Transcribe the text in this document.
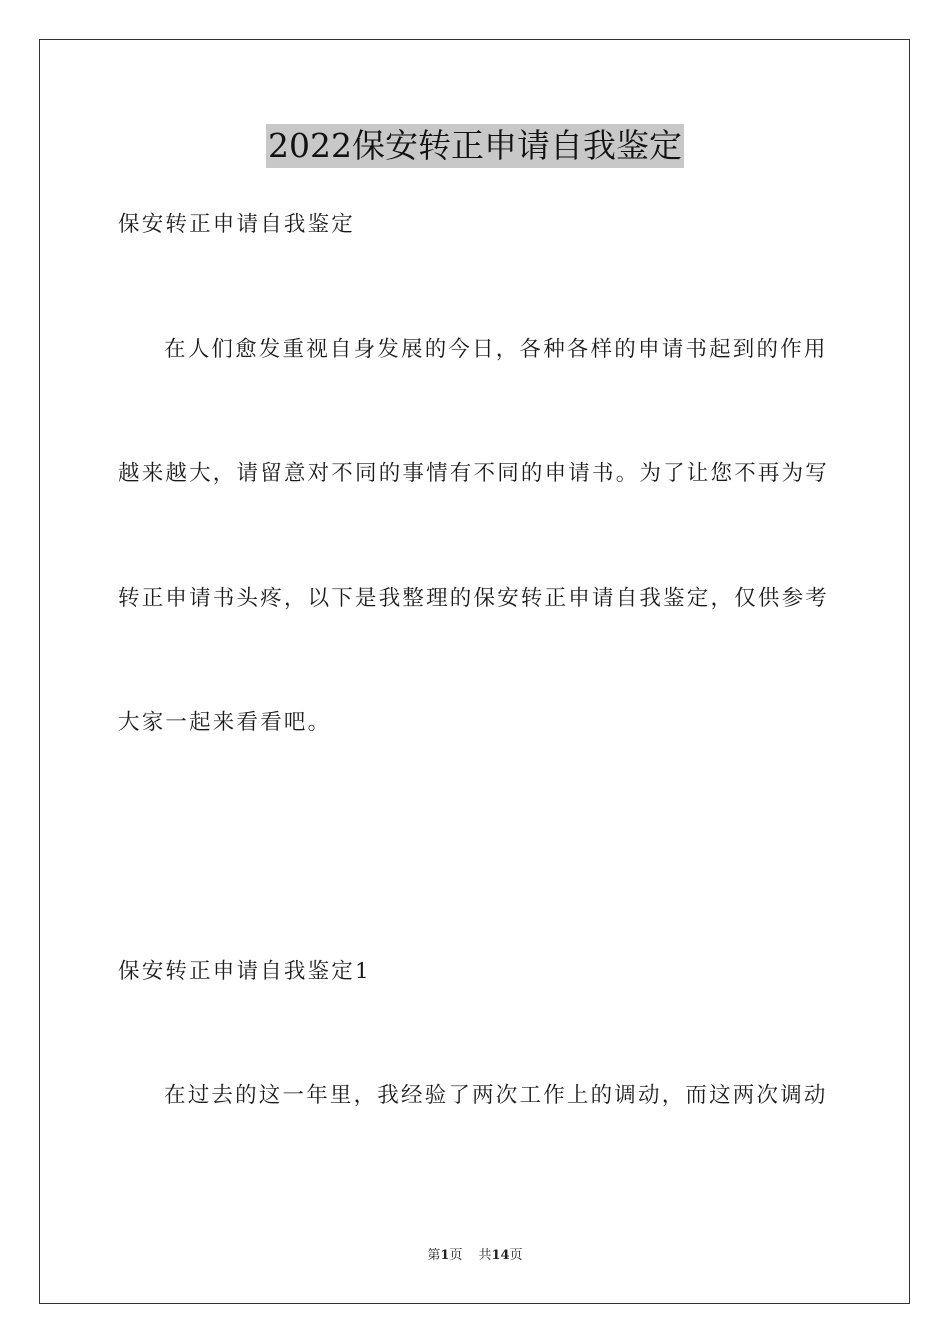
2022保安转正申请自我鉴定
保安转正申请自我鉴定
在人们愈发重视自身发展的今日，各种各样的申请书起到的作用
越来越大，请留意对不同的事情有不同的申请书。为了让您不再为写
转正申请书头疼，以下是我整理的保安转正申请自我鉴定，仅供参考
大家一起来看看吧。
保安转正申请自我鉴定1
在过去的这一年里，我经验了两次工作上的调动，而这两次调动
第1页 共14页
